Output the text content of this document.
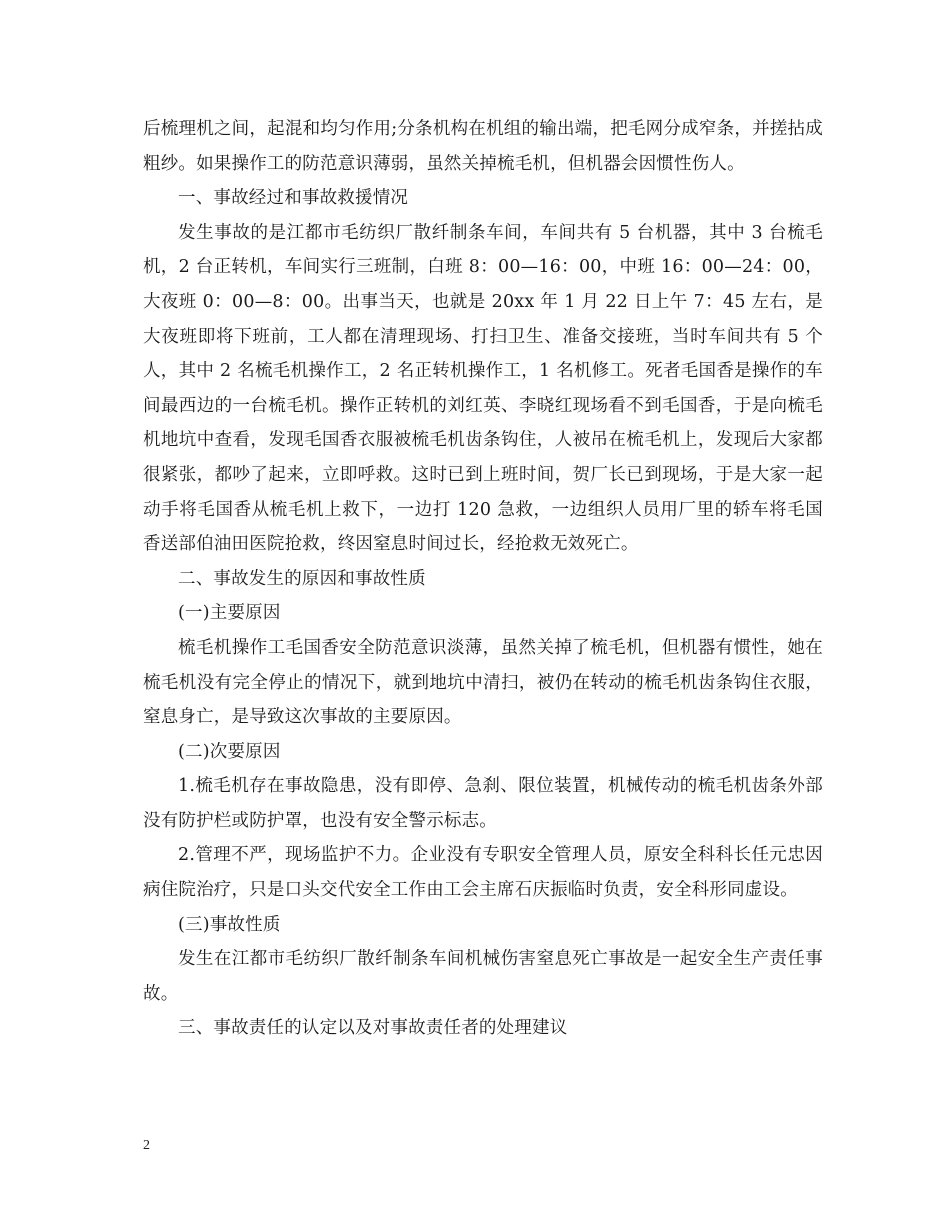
后梳理机之间，起混和均匀作用;分条机构在机组的输出端，把毛网分成窄条，并搓拈成粗纱。如果操作工的防范意识薄弱，虽然关掉梳毛机，但机器会因惯性伤人。

一、事故经过和事故救援情况

发生事故的是江都市毛纺织厂散纤制条车间，车间共有 5 台机器，其中 3 台梳毛机，2 台正转机，车间实行三班制，白班 8：00—16：00，中班 16：00—24：00，大夜班 0：00—8：00。出事当天，也就是 20xx 年 1 月 22 日上午 7：45 左右，是大夜班即将下班前，工人都在清理现场、打扫卫生、准备交接班，当时车间共有 5 个人，其中 2 名梳毛机操作工，2 名正转机操作工，1 名机修工。死者毛国香是操作的车间最西边的一台梳毛机。操作正转机的刘红英、李晓红现场看不到毛国香，于是向梳毛机地坑中查看，发现毛国香衣服被梳毛机齿条钩住，人被吊在梳毛机上，发现后大家都很紧张，都吵了起来，立即呼救。这时已到上班时间，贺厂长已到现场，于是大家一起动手将毛国香从梳毛机上救下，一边打 120 急救，一边组织人员用厂里的轿车将毛国香送部伯油田医院抢救，终因窒息时间过长，经抢救无效死亡。

二、事故发生的原因和事故性质

(一)主要原因

梳毛机操作工毛国香安全防范意识淡薄，虽然关掉了梳毛机，但机器有惯性，她在梳毛机没有完全停止的情况下，就到地坑中清扫，被仍在转动的梳毛机齿条钩住衣服，窒息身亡，是导致这次事故的主要原因。

(二)次要原因

1.梳毛机存在事故隐患，没有即停、急刹、限位装置，机械传动的梳毛机齿条外部没有防护栏或防护罩，也没有安全警示标志。

2.管理不严，现场监护不力。企业没有专职安全管理人员，原安全科科长任元忠因病住院治疗，只是口头交代安全工作由工会主席石庆振临时负责，安全科形同虚设。

(三)事故性质

发生在江都市毛纺织厂散纤制条车间机械伤害窒息死亡事故是一起安全生产责任事故。

三、事故责任的认定以及对事故责任者的处理建议

2
